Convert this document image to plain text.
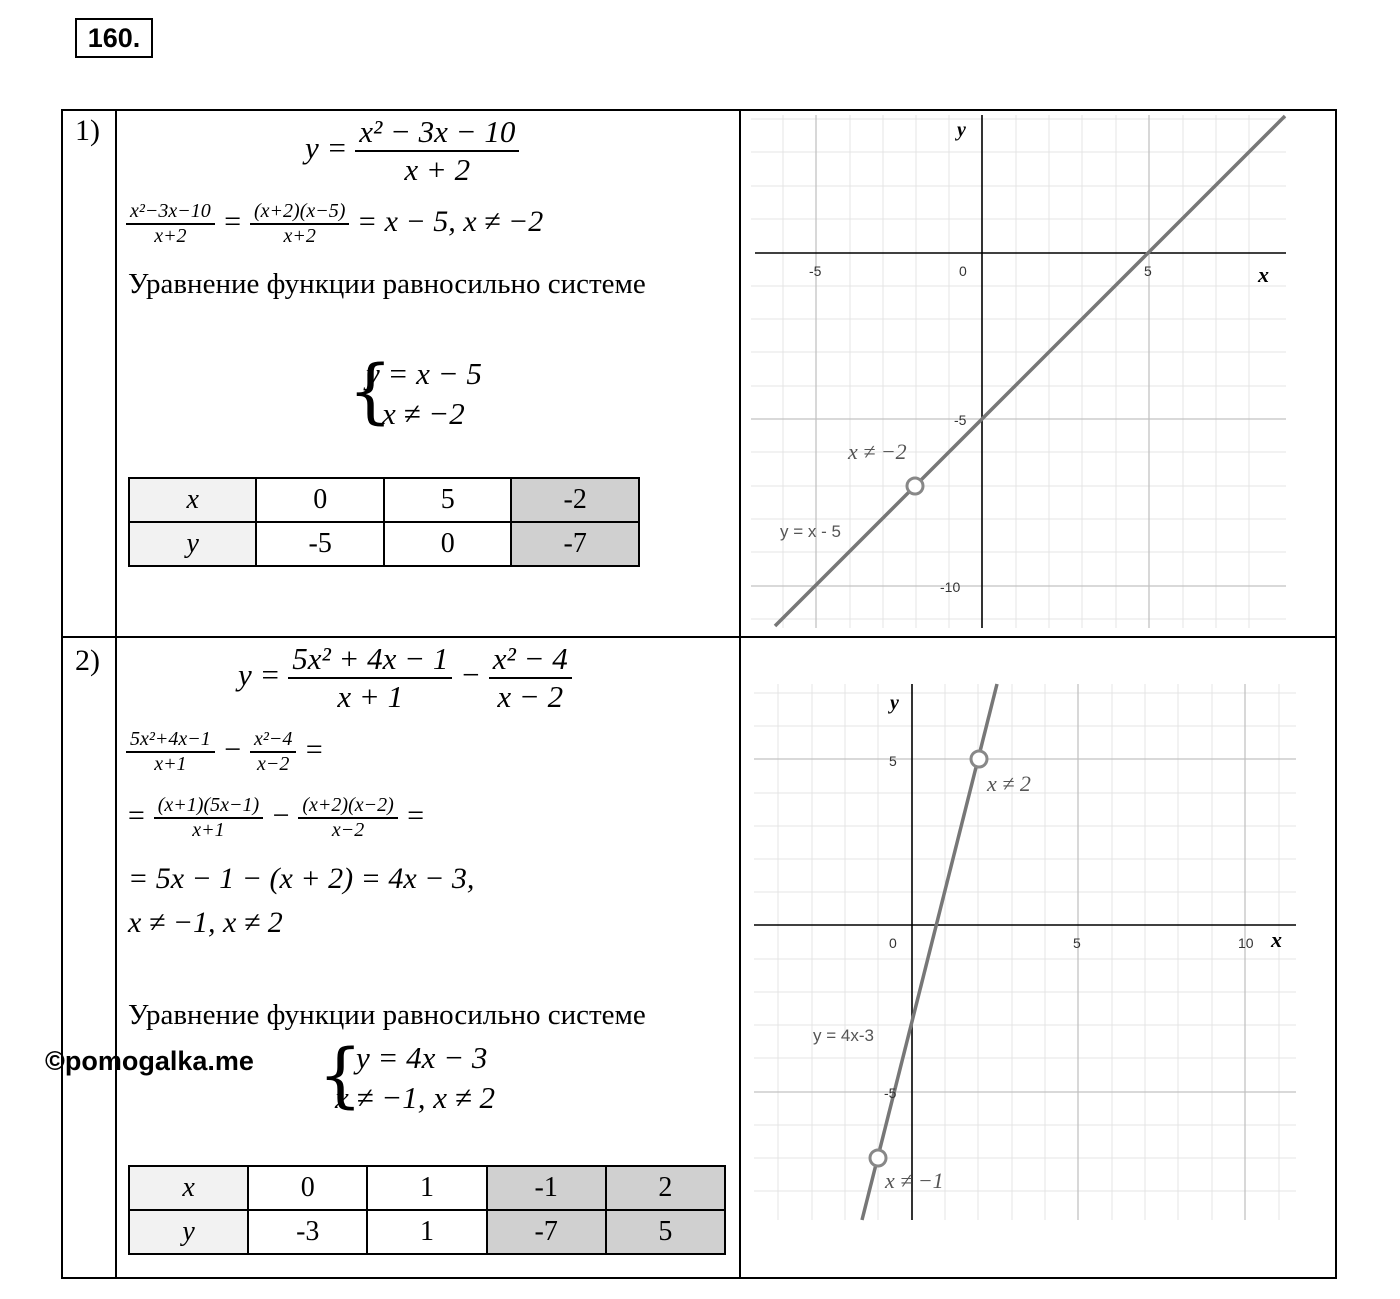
160.
1)	$y = \frac{\text{x² − 3x − 10}}{x + 2}$
$\frac{\text{x²−3x−10}}{x+2} = \frac{(x+2)(x-5)}{x+2} = x - 5$, x ≠ −2
Уравнение функции равносильно системе
{
y = x − 5
x ≠ −2
x	0	5	-2
y	-5	0	-7
y
x
-5	0	5
-5
-10
y = x - 5
x ≠ −2
2)	$y = \frac{\text{5x² + 4x − 1}}{x + 1} - \frac{\text{x² − 4}}{x - 2}$
$\frac{\text{5x²+4x−1}}{x+1} - \frac{\text{x²−4}}{x-2}$ =
= $\frac{(x+1)(5x-1)}{x+1} - \frac{(x+2)(x-2)}{x-2}$ =
= 5x − 1 − (x + 2) = 4x − 3,
x ≠ −1, x ≠ 2
Уравнение функции равносильно системе
{
y = 4x − 3
x ≠ −1, x ≠ 2
©pomogalka.me
x	0	1	-1	2
y	-3	1	-7	5
y
x
0	5	10
5
-5
y = 4x-3
x ≠ 2
x ≠ −1
